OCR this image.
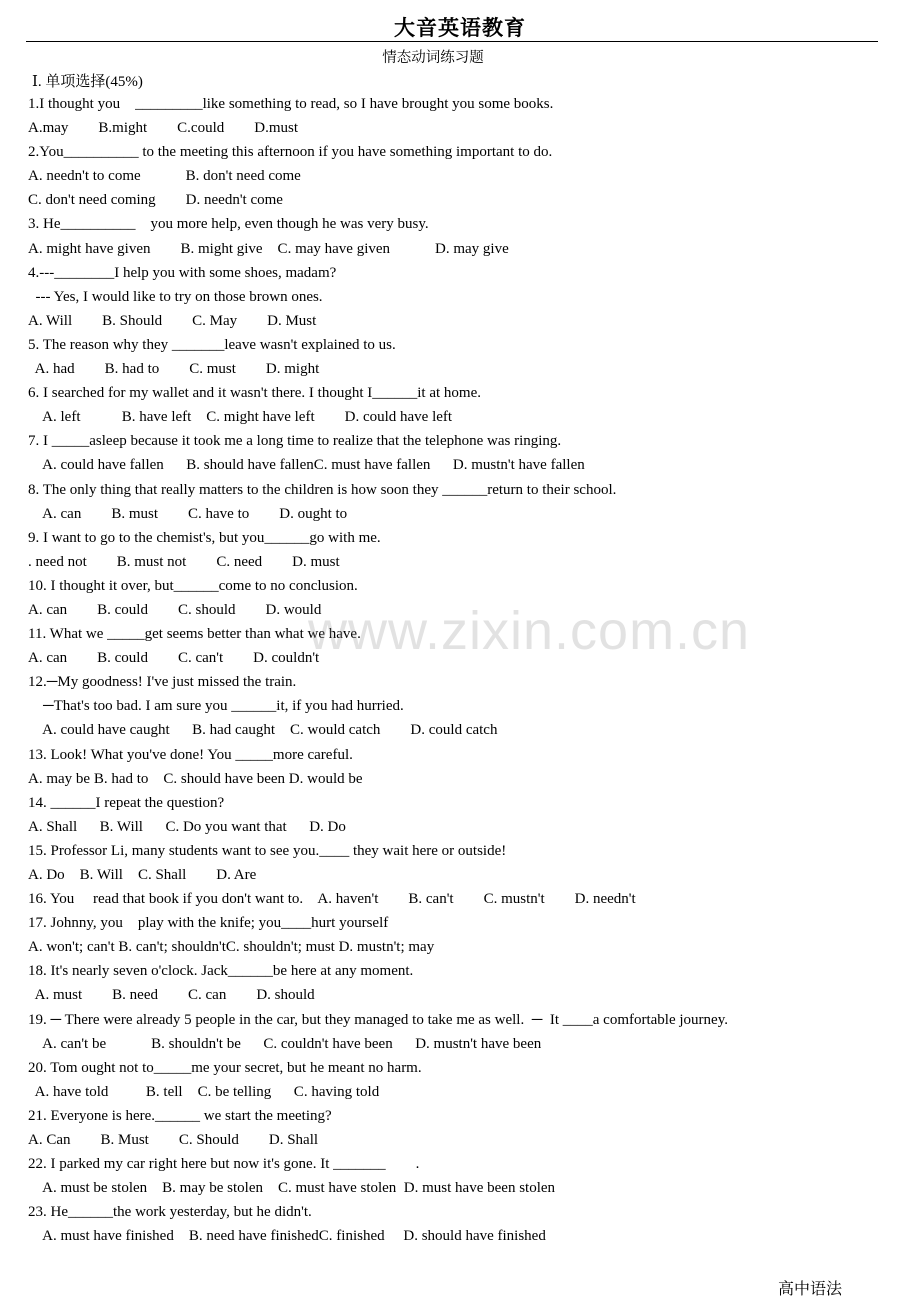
大音英语教育
情态动词练习题
Ⅰ. 单项选择(45%)
1.I thought you    _________like something to read, so I have brought you some books.
A.may        B.might        C.could        D.must
2.You__________ to the meeting this afternoon if you have something important to do.
A. needn't to come            B. don't need come
C. don't need coming        D. needn't come
3. He__________    you more help, even though he was very busy.
A. might have given        B. might give    C. may have given            D. may give
4.---________I help you with some shoes, madam?
--- Yes, I would like to try on those brown ones.
A. Will        B. Should        C. May        D. Must
5. The reason why they _______leave wasn't explained to us.
A. had        B. had to        C. must        D. might
6. I searched for my wallet and it wasn't there. I thought I______it at home.
A. left           B. have left    C. might have left        D. could have left
7. I _____asleep because it took me a long time to realize that the telephone was ringing.
A. could have fallen      B. should have fallenC. must have fallen      D. mustn't have fallen
8. The only thing that really matters to the children is how soon they ______return to their school.
A. can        B. must        C. have to        D. ought to
9. I want to go to the chemist's, but you______go with me.
. need not        B. must not        C. need        D. must
10. I thought it over, but______come to no conclusion.
A. can        B. could        C. should        D. would
11. What we _____get seems better than what we have.
A. can        B. could        C. can't        D. couldn't
12.─My goodness! I've just missed the train.
─That's too bad. I am sure you ______it, if you had hurried.
A. could have caught      B. had caught    C. would catch        D. could catch
13. Look! What you've done! You _____more careful.
A. may be B. had to    C. should have been D. would be
14. ______I repeat the question?
A. Shall      B. Will      C. Do you want that      D. Do
15. Professor Li, many students want to see you.____ they wait here or outside!
A. Do    B. Will    C. Shall        D. Are
16. You     read that book if you don't want to.    A. haven't        B. can't        C. mustn't        D. needn't
17. Johnny, you    play with the knife; you____hurt yourself
A. won't; can't B. can't; shouldn'tC. shouldn't; must D. mustn't; may
18. It's nearly seven o'clock. Jack______be here at any moment.
A. must        B. need        C. can        D. should
19. ─ There were already 5 people in the car, but they managed to take me as well.  ─  It ____a comfortable journey.
A. can't be            B. shouldn't be      C. couldn't have been      D. mustn't have been
20. Tom ought not to_____me your secret, but he meant no harm.
A. have told          B. tell    C. be telling      C. having told
21. Everyone is here.______ we start the meeting?
A. Can        B. Must        C. Should        D. Shall
22. I parked my car right here but now it's gone. It _______        .
A. must be stolen    B. may be stolen    C. must have stolen  D. must have been stolen
23. He______the work yesterday, but he didn't.
A. must have finished    B. need have finishedC. finished     D. should have finished
www.zixin.com.cn
高中语法
